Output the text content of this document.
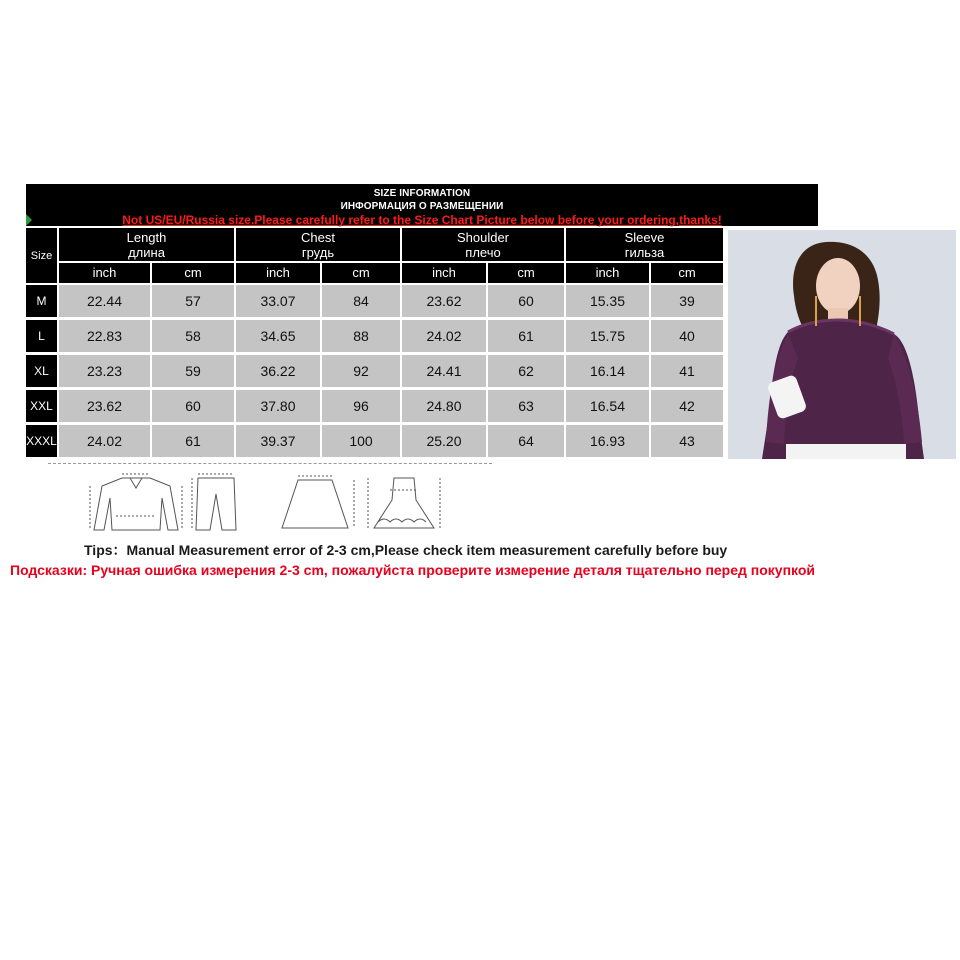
SIZE INFORMATION
ИНФОРМАЦИЯ О РАЗМЕЩЕНИИ
Not US/EU/Russia size.Please carefully refer to the Size Chart Picture below before your ordering,thanks!
Size
Length
длина
Chest
грудь
Shoulder
плечо
Sleeve
гильза
inch	cm	inch	cm	inch	cm	inch	cm
M	22.44	57	33.07	84	23.62	60	15.35	39
L	22.83	58	34.65	88	24.02	61	15.75	40
XL	23.23	59	36.22	92	24.41	62	16.14	41
XXL	23.62	60	37.80	96	24.80	63	16.54	42
XXXL	24.02	61	39.37	100	25.20	64	16.93	43
Tips：Manual Measurement error of 2-3 cm,Please check item measurement carefully before buy
Подсказки: Ручная ошибка измерения 2-3 cm, пожалуйста проверите измерение деталя тщательно перед покупкой
